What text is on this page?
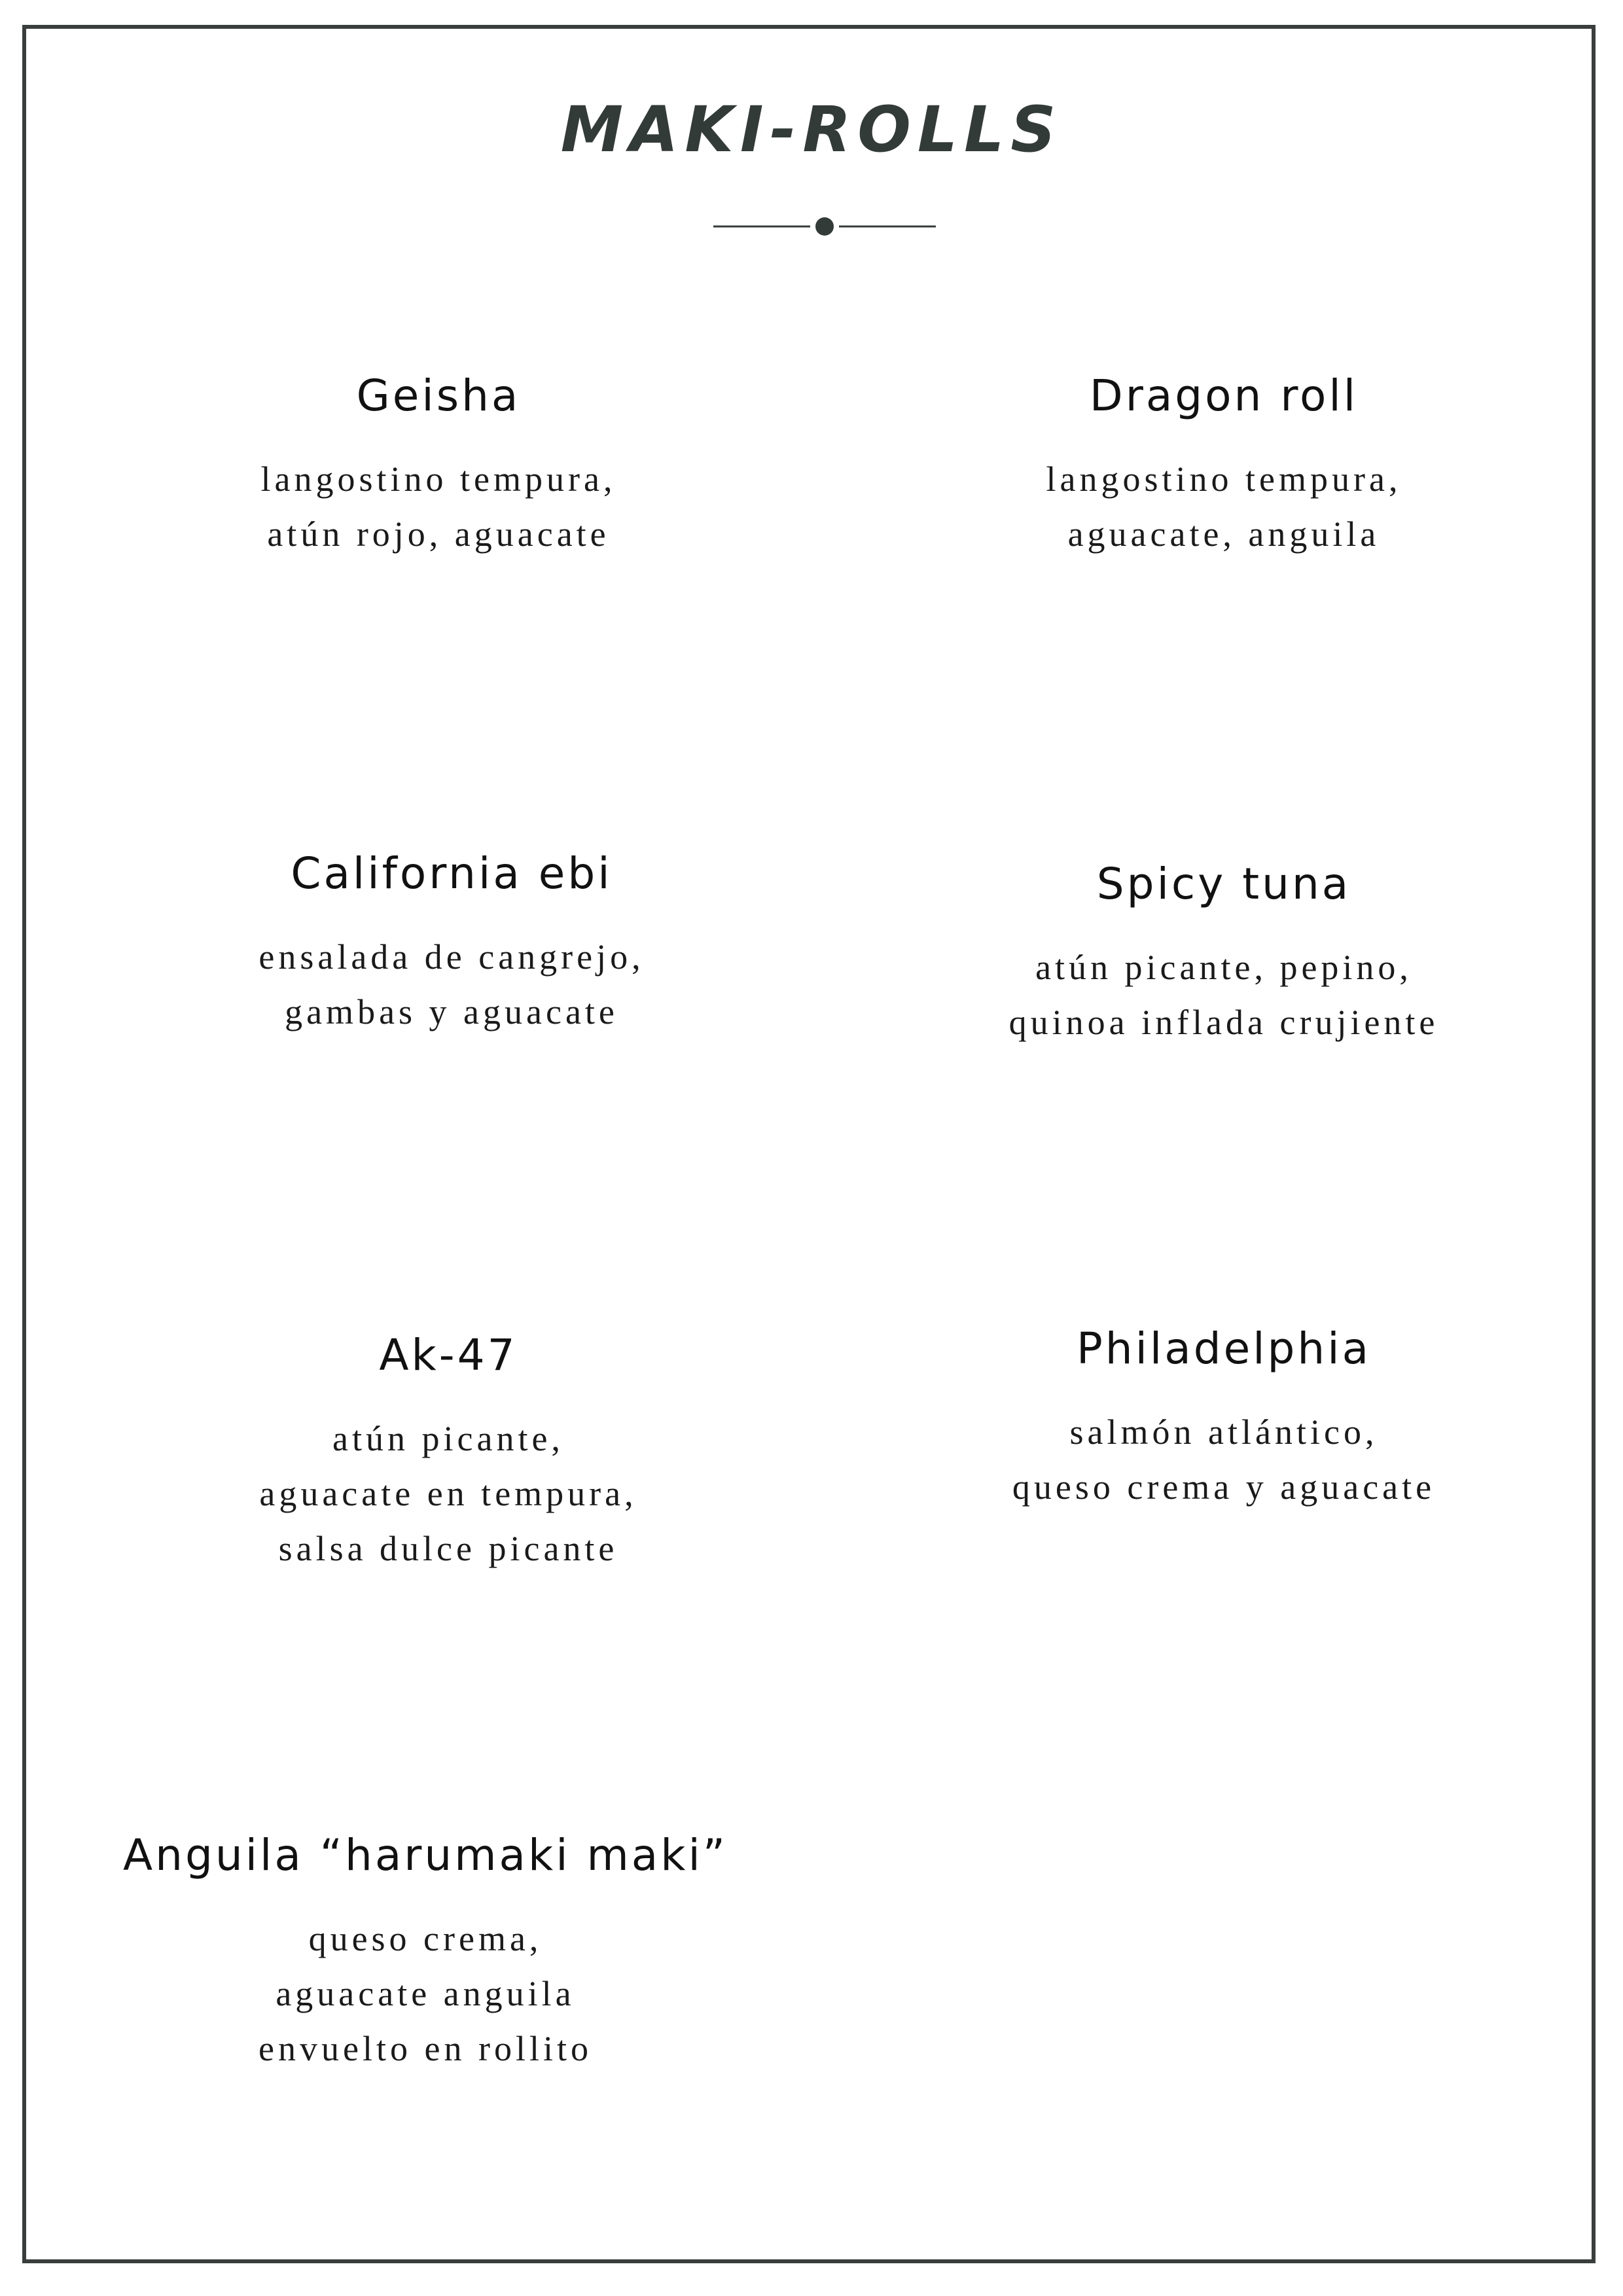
MAKI-ROLLS
Geisha
langostino tempura,
atún rojo, aguacate
Dragon roll
langostino tempura,
aguacate, anguila
California ebi
ensalada de cangrejo,
gambas y aguacate
Spicy tuna
atún picante, pepino,
quinoa inflada crujiente
Ak-47
atún picante,
aguacate en tempura,
salsa dulce picante
Philadelphia
salmón atlántico,
queso crema y aguacate
Anguila “harumaki maki”
queso crema,
aguacate anguila
envuelto en rollito
